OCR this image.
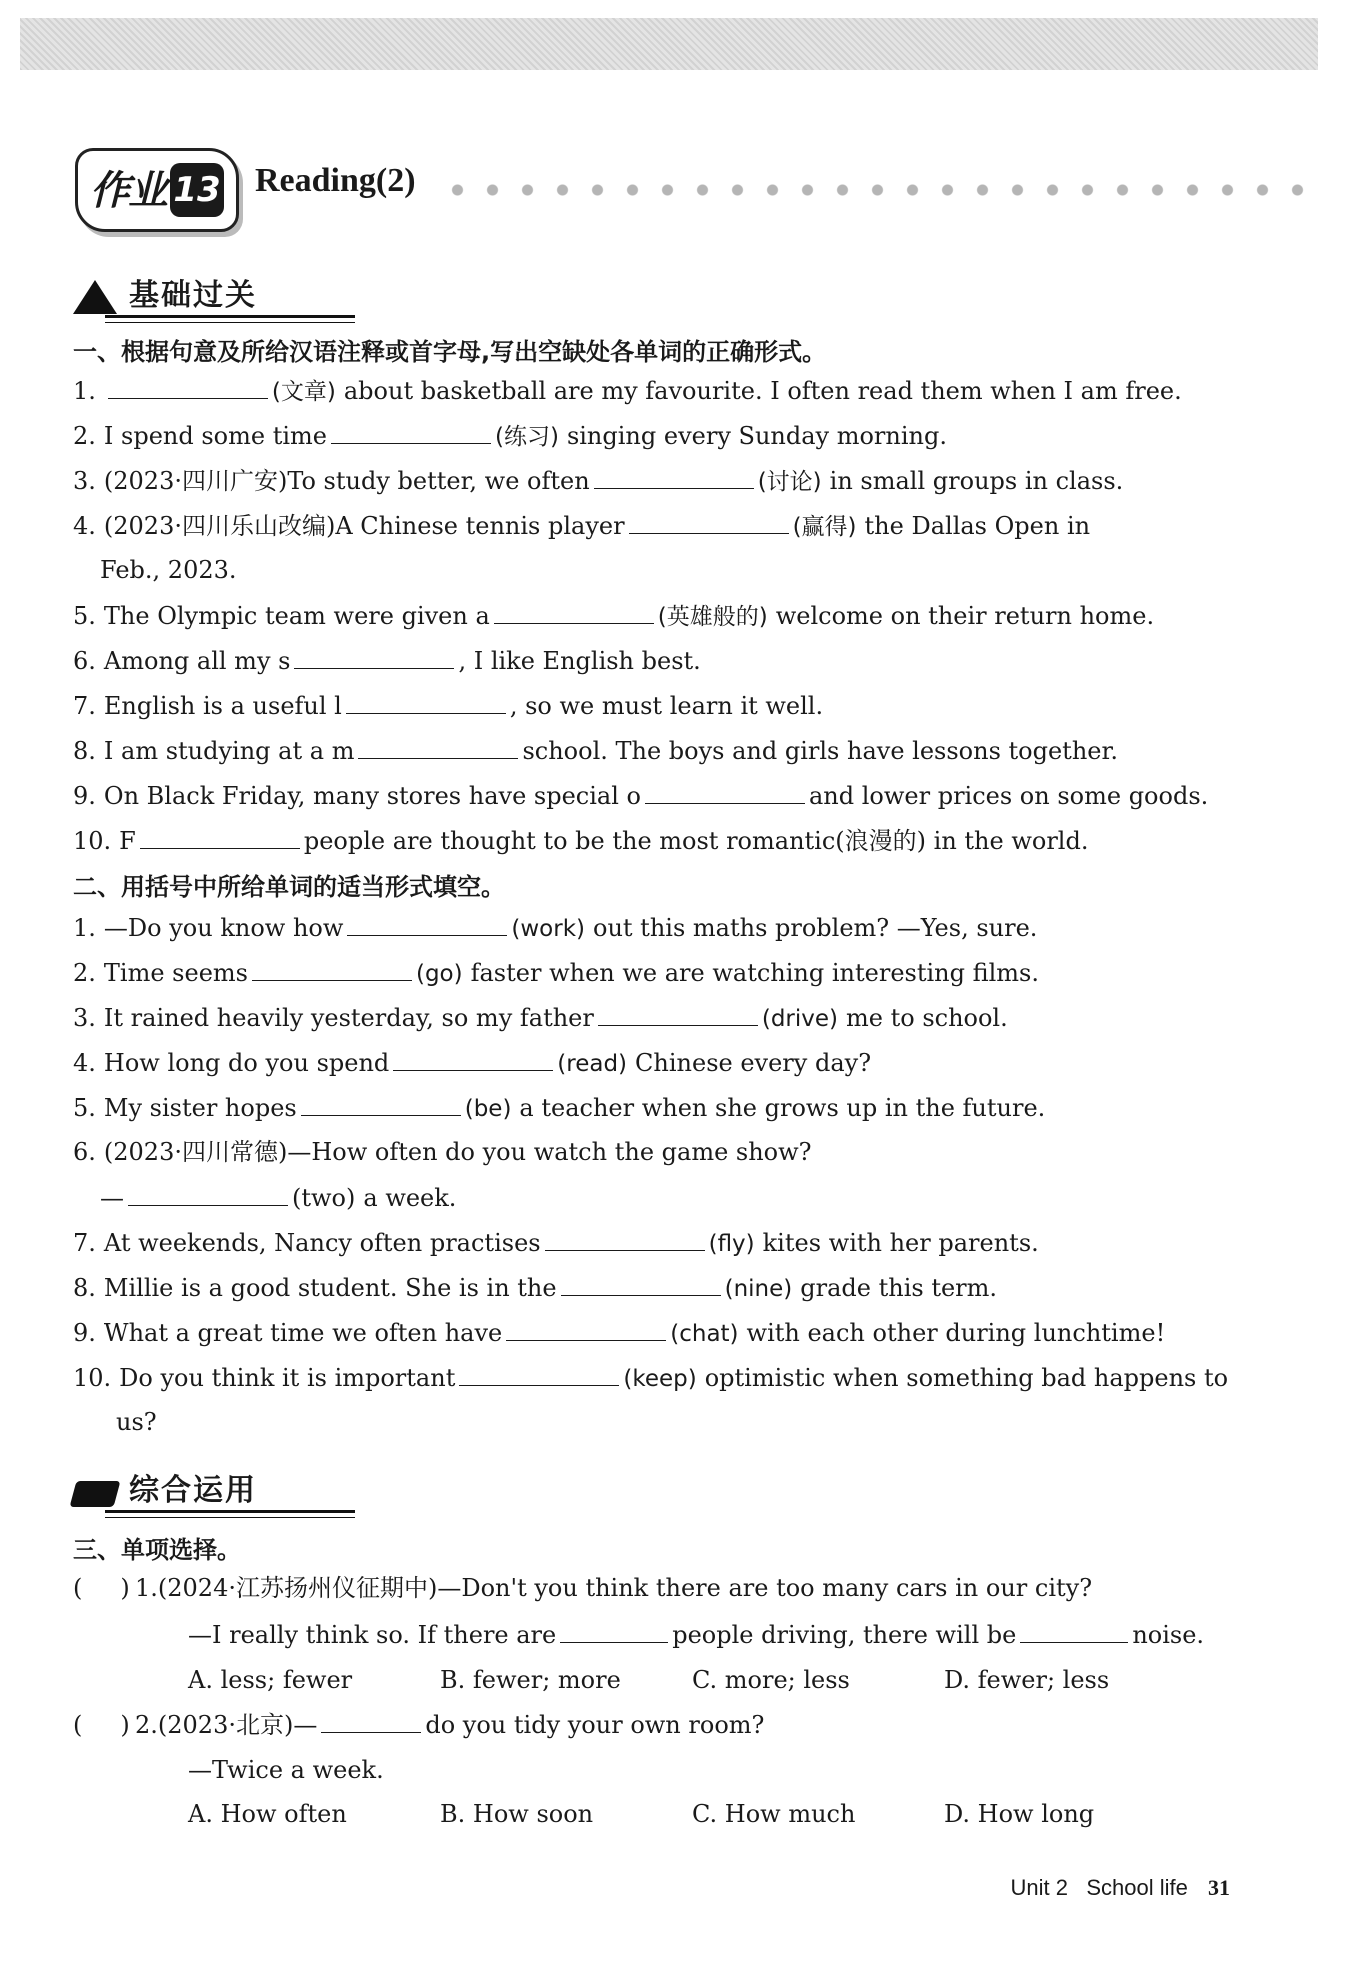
作业 13 Reading(2)
基础过关
一、根据句意及所给汉语注释或首字母,写出空缺处各单词的正确形式。
1.	(文章) about basketball are my favourite. I often read them when I am free.
2. I spend some time	(练习) singing every Sunday morning.
3. (2023·四川广安)To study better, we often	(讨论) in small groups in class.
4. (2023·四川乐山改编)A Chinese tennis player	(赢得) the Dallas Open in
Feb., 2023.
5. The Olympic team were given a	(英雄般的) welcome on their return home.
6. Among all my s	, I like English best.
7. English is a useful l	, so we must learn it well.
8. I am studying at a m	school. The boys and girls have lessons together.
9. On Black Friday, many stores have special o	and lower prices on some goods.
10. F	people are thought to be the most romantic(浪漫的) in the world.
二、用括号中所给单词的适当形式填空。
1. —Do you know how	(work) out this maths problem? —Yes, sure.
2. Time seems	(go) faster when we are watching interesting films.
3. It rained heavily yesterday, so my father	(drive) me to school.
4. How long do you spend	(read) Chinese every day?
5. My sister hopes	(be) a teacher when she grows up in the future.
6. (2023·四川常德)—How often do you watch the game show?
—	(two) a week.
7. At weekends, Nancy often practises	(fly) kites with her parents.
8. Millie is a good student. She is in the	(nine) grade this term.
9. What a great time we often have	(chat) with each other during lunchtime!
10. Do you think it is important	(keep) optimistic when something bad happens to
us?
综合运用
三、单项选择。
( ) 1.(2024·江苏扬州仪征期中)—Don't you think there are too many cars in our city?
—I really think so. If there are	people driving, there will be	noise.
A. less; fewer	B. fewer; more	C. more; less	D. fewer; less
( ) 2.(2023·北京)—	do you tidy your own room?
—Twice a week.
A. How often	B. How soon	C. How much	D. How long
Unit 2 School life 31
